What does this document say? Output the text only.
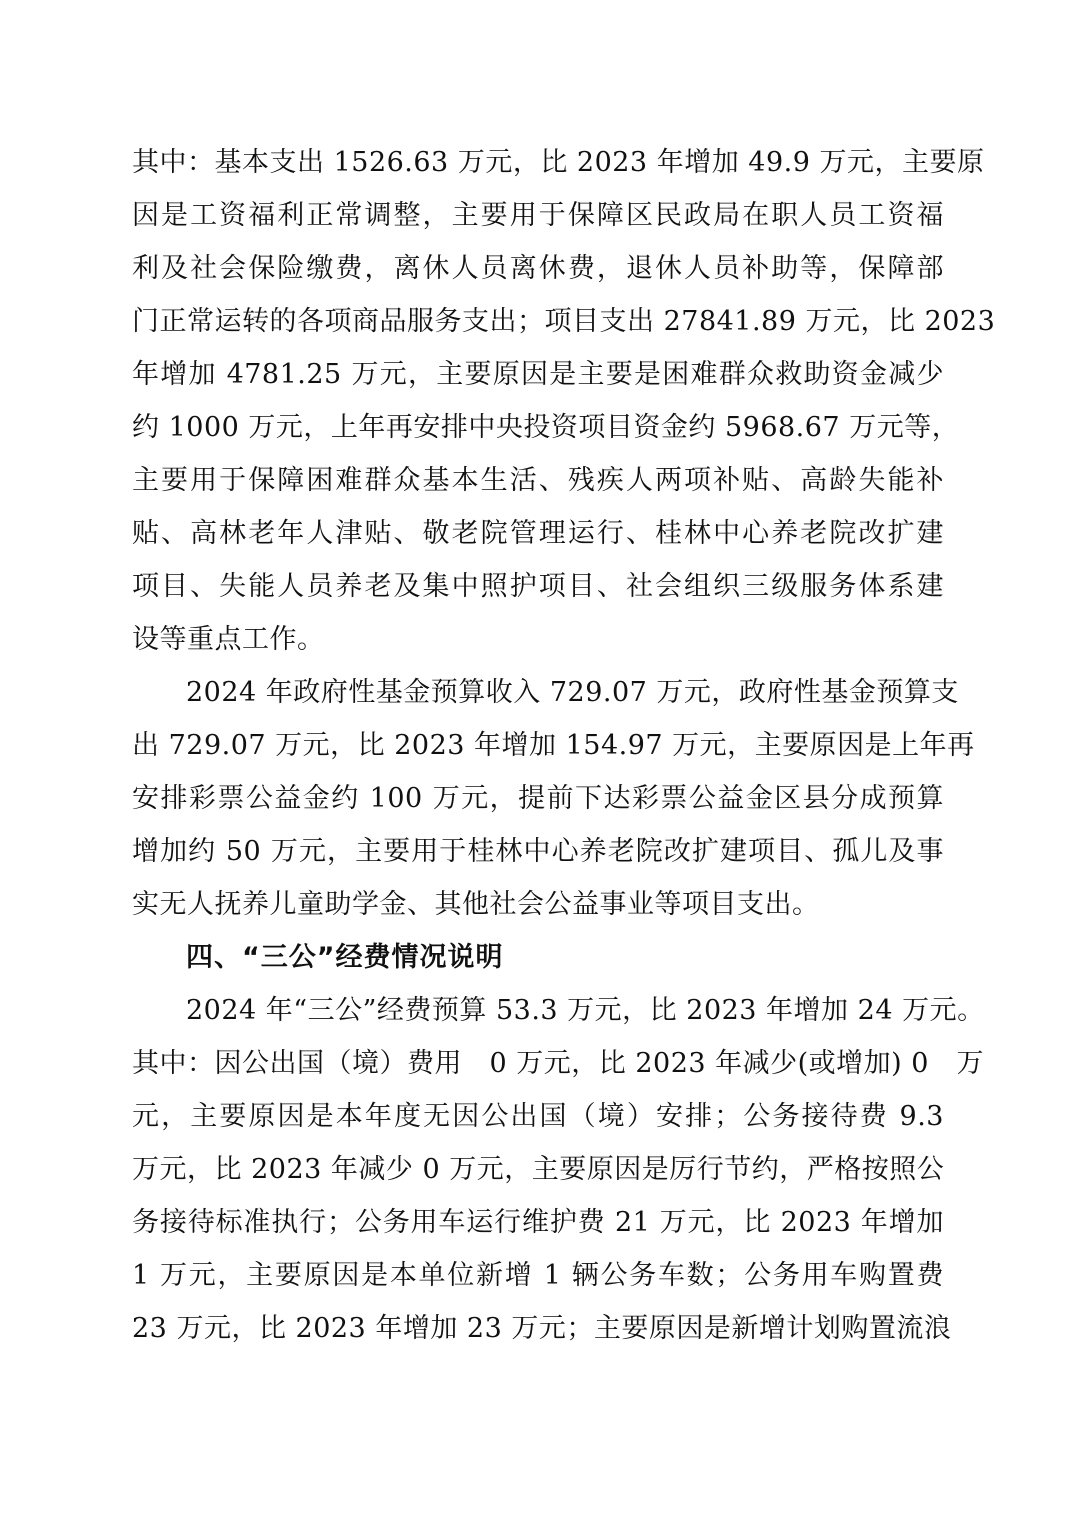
其中：基本支出 1526.63 万元，比 2023 年增加 49.9 万元，主要原
因是工资福利正常调整，主要用于保障区民政局在职人员工资福
利及社会保险缴费，离休人员离休费，退休人员补助等，保障部
门正常运转的各项商品服务支出；项目支出 27841.89 万元，比 2023
年增加 4781.25 万元，主要原因是主要是困难群众救助资金减少
约 1000 万元，上年再安排中央投资项目资金约 5968.67 万元等，
主要用于保障困难群众基本生活、残疾人两项补贴、高龄失能补
贴、高林老年人津贴、敬老院管理运行、桂林中心养老院改扩建
项目、失能人员养老及集中照护项目、社会组织三级服务体系建
设等重点工作。
2024 年政府性基金预算收入 729.07 万元，政府性基金预算支
出 729.07 万元，比 2023 年增加 154.97 万元，主要原因是上年再
安排彩票公益金约 100 万元，提前下达彩票公益金区县分成预算
增加约 50 万元，主要用于桂林中心养老院改扩建项目、孤儿及事
实无人抚养儿童助学金、其他社会公益事业等项目支出。
四、“三公”经费情况说明
2024 年“三公”经费预算 53.3 万元，比 2023 年增加 24 万元。
其中：因公出国（境）费用　0 万元，比 2023 年减少(或增加) 0　万
元，主要原因是本年度无因公出国（境）安排；公务接待费 9.3
万元，比 2023 年减少 0 万元，主要原因是厉行节约，严格按照公
务接待标准执行；公务用车运行维护费 21 万元，比 2023 年增加
1 万元，主要原因是本单位新增 1 辆公务车数；公务用车购置费
23 万元，比 2023 年增加 23 万元；主要原因是新增计划购置流浪
